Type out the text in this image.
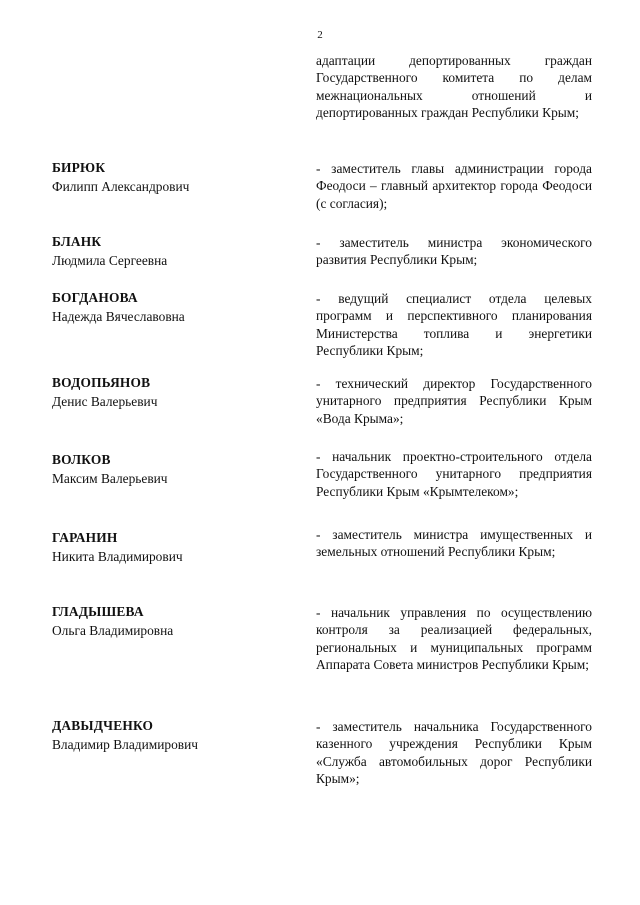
2
адаптации депортированных граждан Государственного комитета по делам межнациональных отношений и депортированных граждан Республики Крым;
БИРЮК
Филипп Александрович
- заместитель главы администрации города Феодоси – главный архитектор города Феодоси (с согласия);
БЛАНК
Людмила Сергеевна
- заместитель министра экономического развития Республики Крым;
БОГДАНОВА
Надежда Вячеславовна
- ведущий специалист отдела целевых программ и перспективного планирования Министерства топлива и энергетики Республики Крым;
ВОДОПЬЯНОВ
Денис Валерьевич
- технический директор Государственного унитарного предприятия Республики Крым «Вода Крыма»;
ВОЛКОВ
Максим Валерьевич
- начальник проектно-строительного отдела Государственного унитарного предприятия Республики Крым «Крымтелеком»;
ГАРАНИН
Никита Владимирович
- заместитель министра имущественных и земельных отношений Республики Крым;
ГЛАДЫШЕВА
Ольга Владимировна
- начальник управления по осуществлению контроля за реализацией федеральных, региональных и муниципальных программ Аппарата Совета министров Республики Крым;
ДАВЫДЧЕНКО
Владимир Владимирович
- заместитель начальника Государственного казенного учреждения Республики Крым «Служба автомобильных дорог Республики Крым»;
